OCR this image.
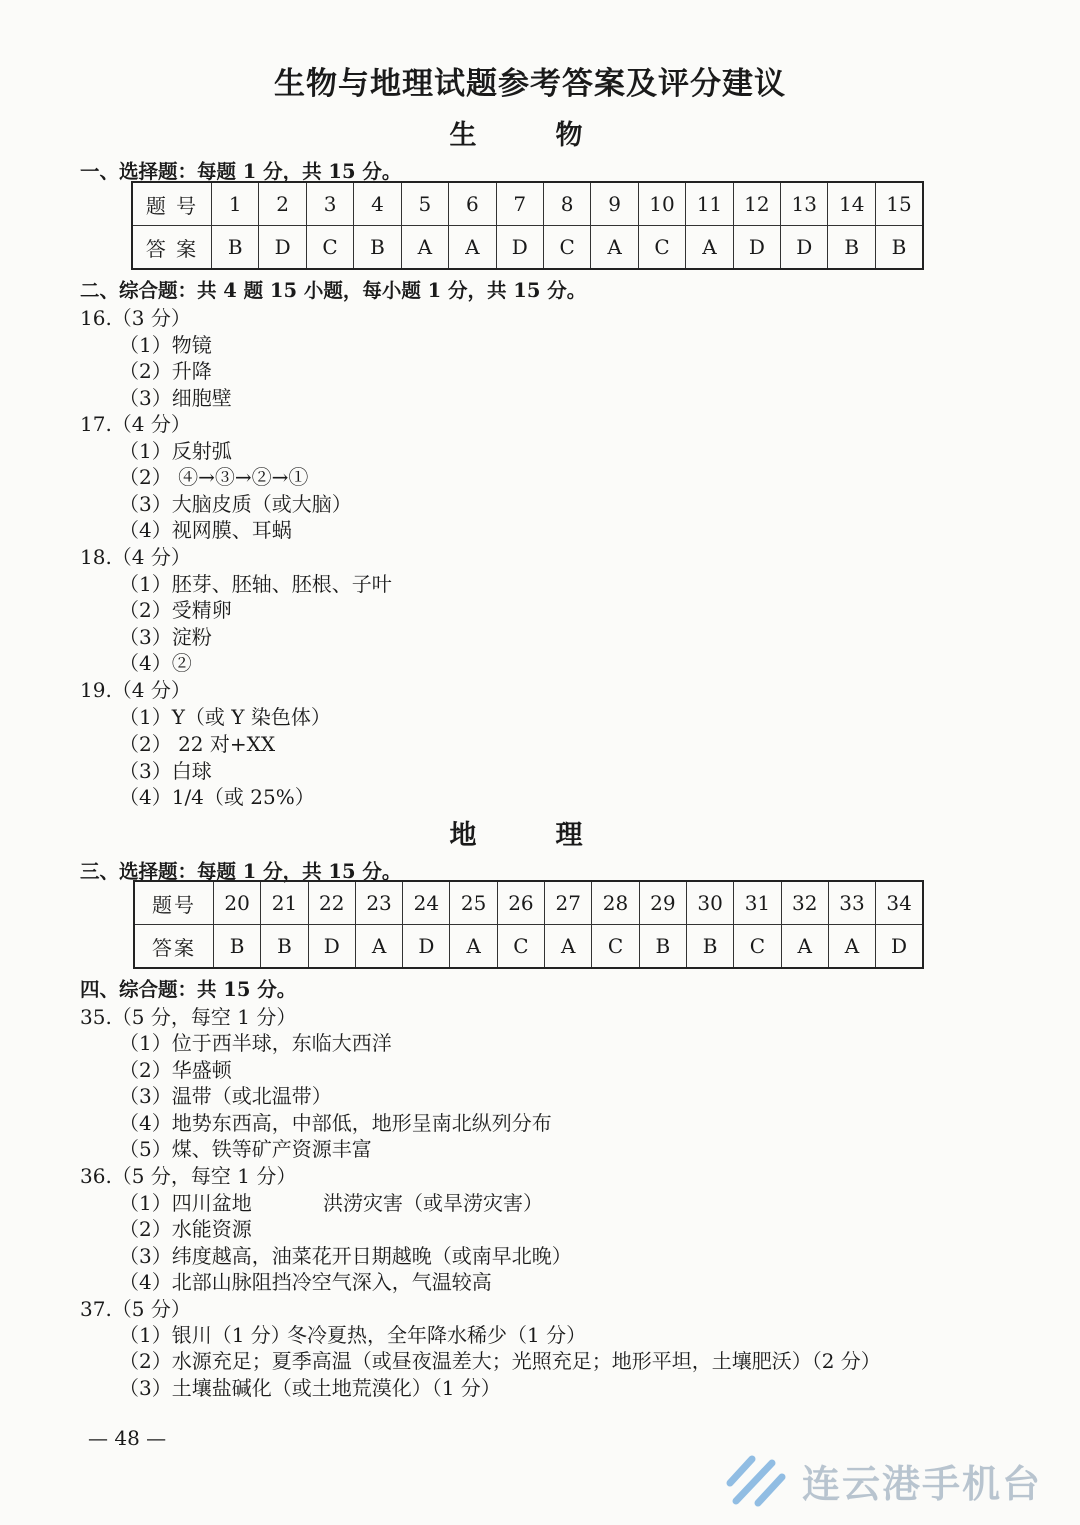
生物与地理试题参考答案及评分建议
生　物
一、选择题：每题 1 分，共 15 分。
题 号	1	2	3	4	5	6	7	8	9	10	11	12	13	14	15
答 案	B	D	C	B	A	A	D	C	A	C	A	D	D	B	B
二、综合题：共 4 题 15 小题，每小题 1 分，共 15 分。
16.（3 分）
（1）物镜
（2）升降
（3）细胞壁
17.（4 分）
（1）反射弧
（2） ④→③→②→①
（3）大脑皮质（或大脑）
（4）视网膜、耳蜗
18.（4 分）
（1）胚芽、胚轴、胚根、子叶
（2）受精卵
（3）淀粉
（4）②
19.（4 分）
（1）Y（或 Y 染色体）
（2） 22 对+XX
（3）白球
（4）1/4（或 25%）
地　理
三、选择题：每题 1 分，共 15 分。
题号	20	21	22	23	24	25	26	27	28	29	30	31	32	33	34
答案	B	B	D	A	D	A	C	A	C	B	B	C	A	A	D
四、综合题：共 15 分。
35.（5 分，每空 1 分）
（1）位于西半球，东临大西洋
（2）华盛顿
（3）温带（或北温带）
（4）地势东西高，中部低，地形呈南北纵列分布
（5）煤、铁等矿产资源丰富
36.（5 分，每空 1 分）
（1）四川盆地	洪涝灾害（或旱涝灾害）
（2）水能资源
（3）纬度越高，油菜花开日期越晚（或南早北晚）
（4）北部山脉阻挡冷空气深入，气温较高
37.（5 分）
（1）银川（1 分）
冬冷夏热，全年降水稀少（1 分）
（2）水源充足；夏季高温（或昼夜温差大；光照充足；地形平坦，土壤肥沃）（2 分）
（3）土壤盐碱化（或土地荒漠化）（1 分）
— 48 —
连云港手机台
